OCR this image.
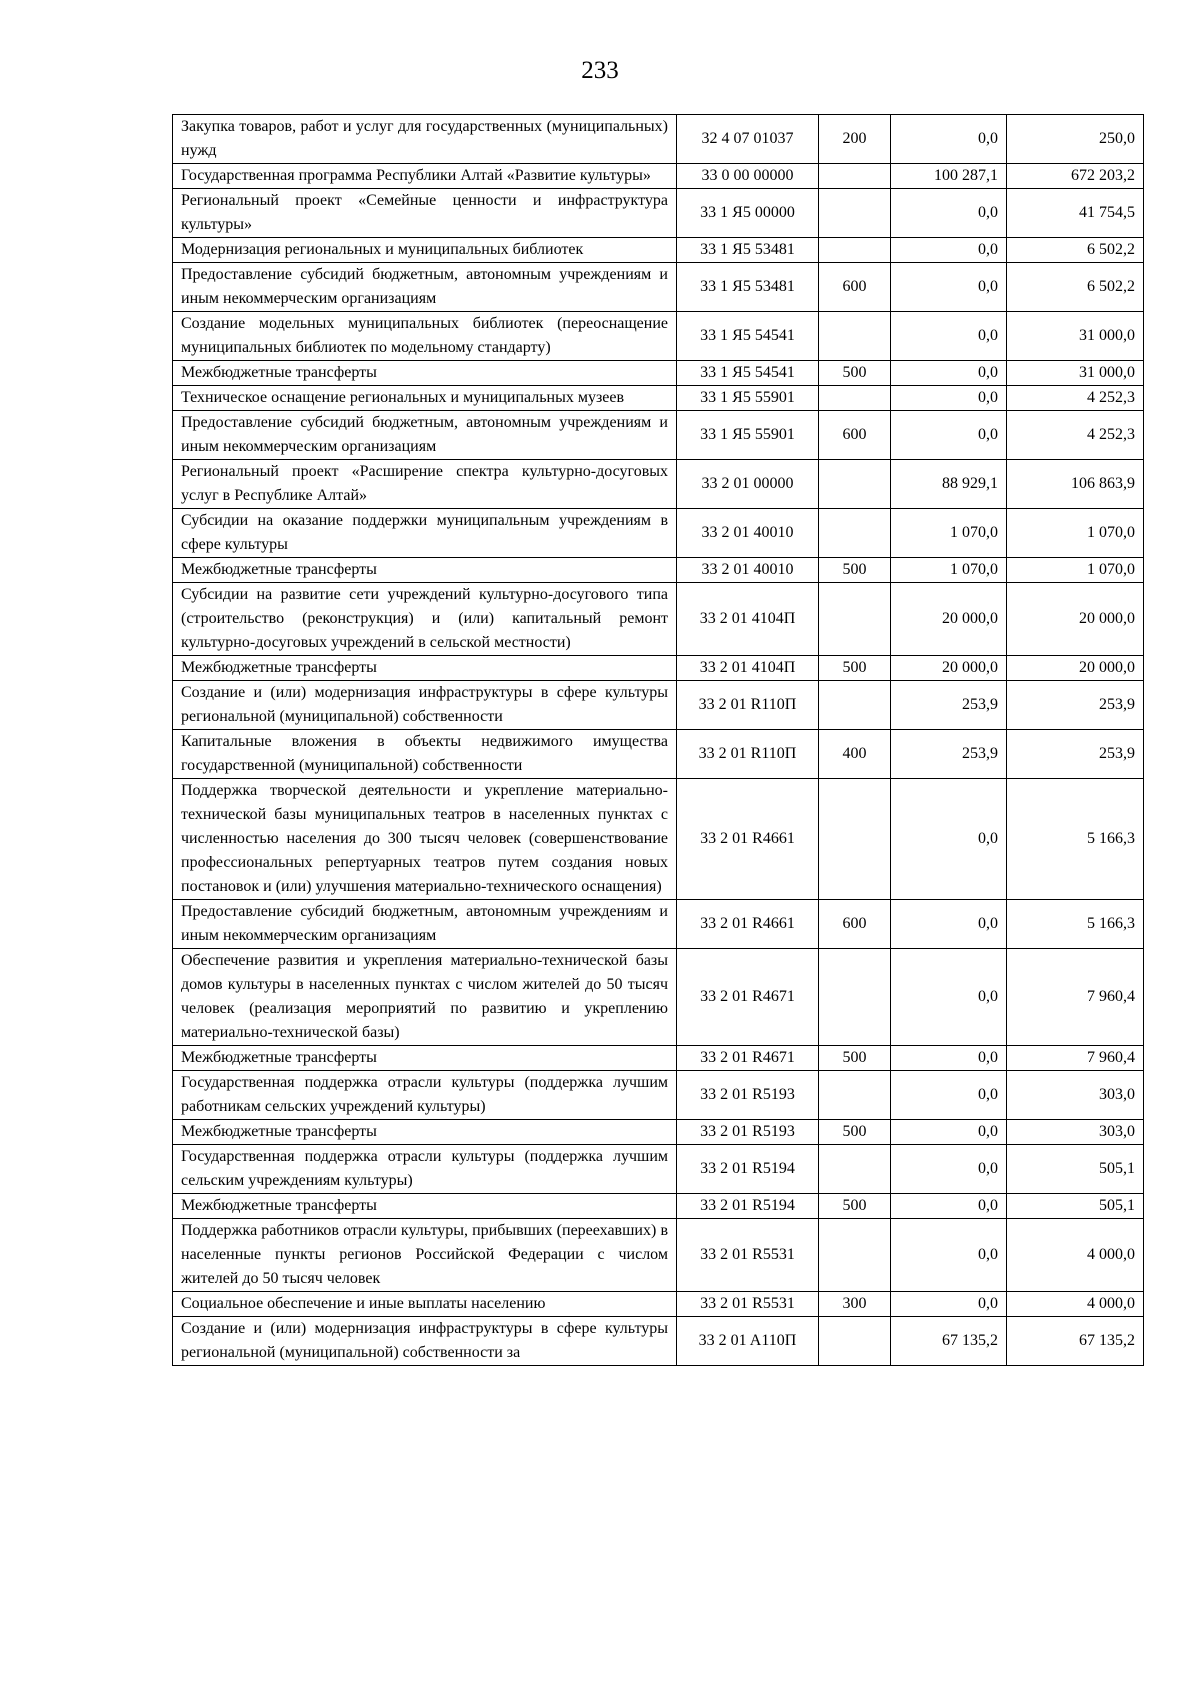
233
Закупка товаров, работ и услуг для государственных (муниципальных) нужд	32 4 07 01037	200	0,0	250,0
Государственная программа Республики Алтай «Развитие культуры»	33 0 00 00000		100 287,1	672 203,2
Региональный проект «Семейные ценности и инфраструктура культуры»	33 1 Я5 00000		0,0	41 754,5
Модернизация региональных и муниципальных библиотек	33 1 Я5 53481		0,0	6 502,2
Предоставление субсидий бюджетным, автономным учреждениям и иным некоммерческим организациям	33 1 Я5 53481	600	0,0	6 502,2
Создание модельных муниципальных библиотек (переоснащение муниципальных библиотек по модельному стандарту)	33 1 Я5 54541		0,0	31 000,0
Межбюджетные трансферты	33 1 Я5 54541	500	0,0	31 000,0
Техническое оснащение региональных и муниципальных музеев	33 1 Я5 55901		0,0	4 252,3
Предоставление субсидий бюджетным, автономным учреждениям и иным некоммерческим организациям	33 1 Я5 55901	600	0,0	4 252,3
Региональный проект «Расширение спектра культурно-досуговых услуг в Республике Алтай»	33 2 01 00000		88 929,1	106 863,9
Субсидии на оказание поддержки муниципальным учреждениям в сфере культуры	33 2 01 40010		1 070,0	1 070,0
Межбюджетные трансферты	33 2 01 40010	500	1 070,0	1 070,0
Субсидии на развитие сети учреждений культурно-досугового типа (строительство (реконструкция) и (или) капитальный ремонт культурно-досуговых учреждений в сельской местности)	33 2 01 4104П		20 000,0	20 000,0
Межбюджетные трансферты	33 2 01 4104П	500	20 000,0	20 000,0
Создание и (или) модернизация инфраструктуры в сфере культуры региональной (муниципальной) собственности	33 2 01 R110П		253,9	253,9
Капитальные вложения в объекты недвижимого имущества государственной (муниципальной) собственности	33 2 01 R110П	400	253,9	253,9
Поддержка творческой деятельности и укрепление материально-технической базы муниципальных театров в населенных пунктах с численностью населения до 300 тысяч человек (совершенствование профессиональных репертуарных театров путем создания новых постановок и (или) улучшения материально-технического оснащения)	33 2 01 R4661		0,0	5 166,3
Предоставление субсидий бюджетным, автономным учреждениям и иным некоммерческим организациям	33 2 01 R4661	600	0,0	5 166,3
Обеспечение развития и укрепления материально-технической базы домов культуры в населенных пунктах с числом жителей до 50 тысяч человек (реализация мероприятий по развитию и укреплению материально-технической базы)	33 2 01 R4671		0,0	7 960,4
Межбюджетные трансферты	33 2 01 R4671	500	0,0	7 960,4
Государственная поддержка отрасли культуры (поддержка лучшим работникам сельских учреждений культуры)	33 2 01 R5193		0,0	303,0
Межбюджетные трансферты	33 2 01 R5193	500	0,0	303,0
Государственная поддержка отрасли культуры (поддержка лучшим сельским учреждениям культуры)	33 2 01 R5194		0,0	505,1
Межбюджетные трансферты	33 2 01 R5194	500	0,0	505,1
Поддержка работников отрасли культуры, прибывших (переехавших) в населенные пункты регионов Российской Федерации с числом жителей до 50 тысяч человек	33 2 01 R5531		0,0	4 000,0
Социальное обеспечение и иные выплаты населению	33 2 01 R5531	300	0,0	4 000,0
Создание и (или) модернизация инфраструктуры в сфере культуры региональной (муниципальной) собственности за	33 2 01 A110П		67 135,2	67 135,2
